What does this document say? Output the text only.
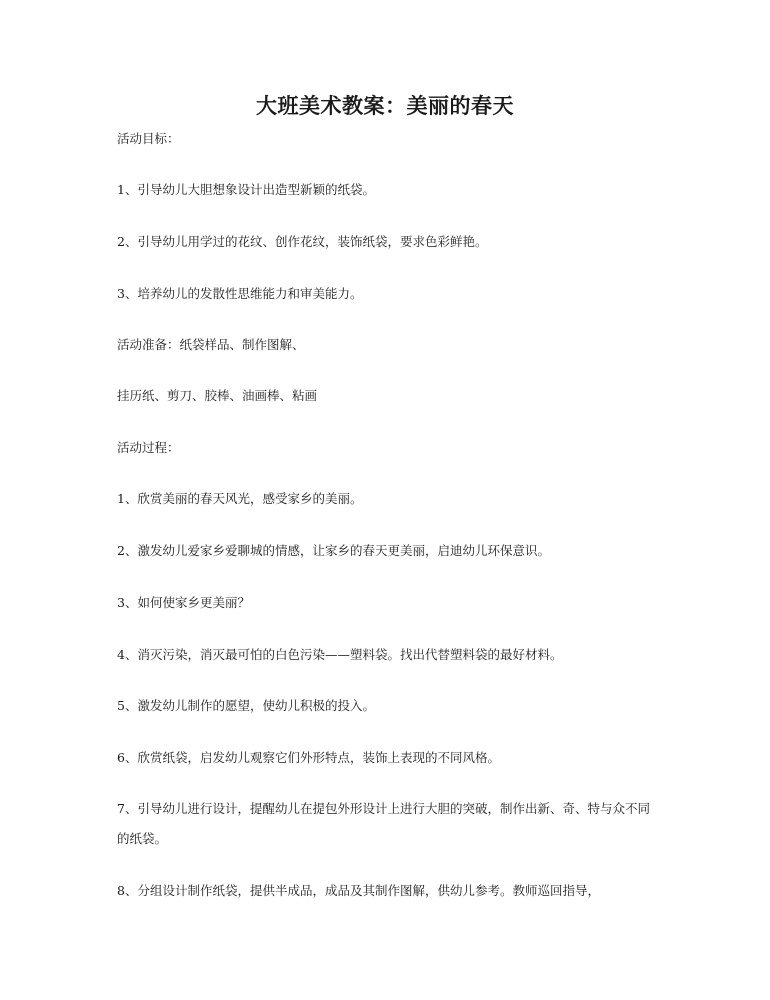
大班美术教案：美丽的春天
活动目标：
1、引导幼儿大胆想象设计出造型新颖的纸袋。
2、引导幼儿用学过的花纹、创作花纹，装饰纸袋，要求色彩鲜艳。
3、培养幼儿的发散性思维能力和审美能力。
活动准备：纸袋样品、制作图解、
挂历纸、剪刀、胶棒、油画棒、粘画
活动过程：
1、欣赏美丽的春天风光，感受家乡的美丽。
2、激发幼儿爱家乡爱聊城的情感，让家乡的春天更美丽，启迪幼儿环保意识。
3、如何使家乡更美丽？
4、消灭污染，消灭最可怕的白色污染——塑料袋。找出代替塑料袋的最好材料。
5、激发幼儿制作的愿望，使幼儿积极的投入。
6、欣赏纸袋，启发幼儿观察它们外形特点，装饰上表现的不同风格。
7、引导幼儿进行设计，提醒幼儿在提包外形设计上进行大胆的突破，制作出新、奇、特与众不同的纸袋。
8、分组设计制作纸袋，提供半成品，成品及其制作图解，供幼儿参考。教师巡回指导，
